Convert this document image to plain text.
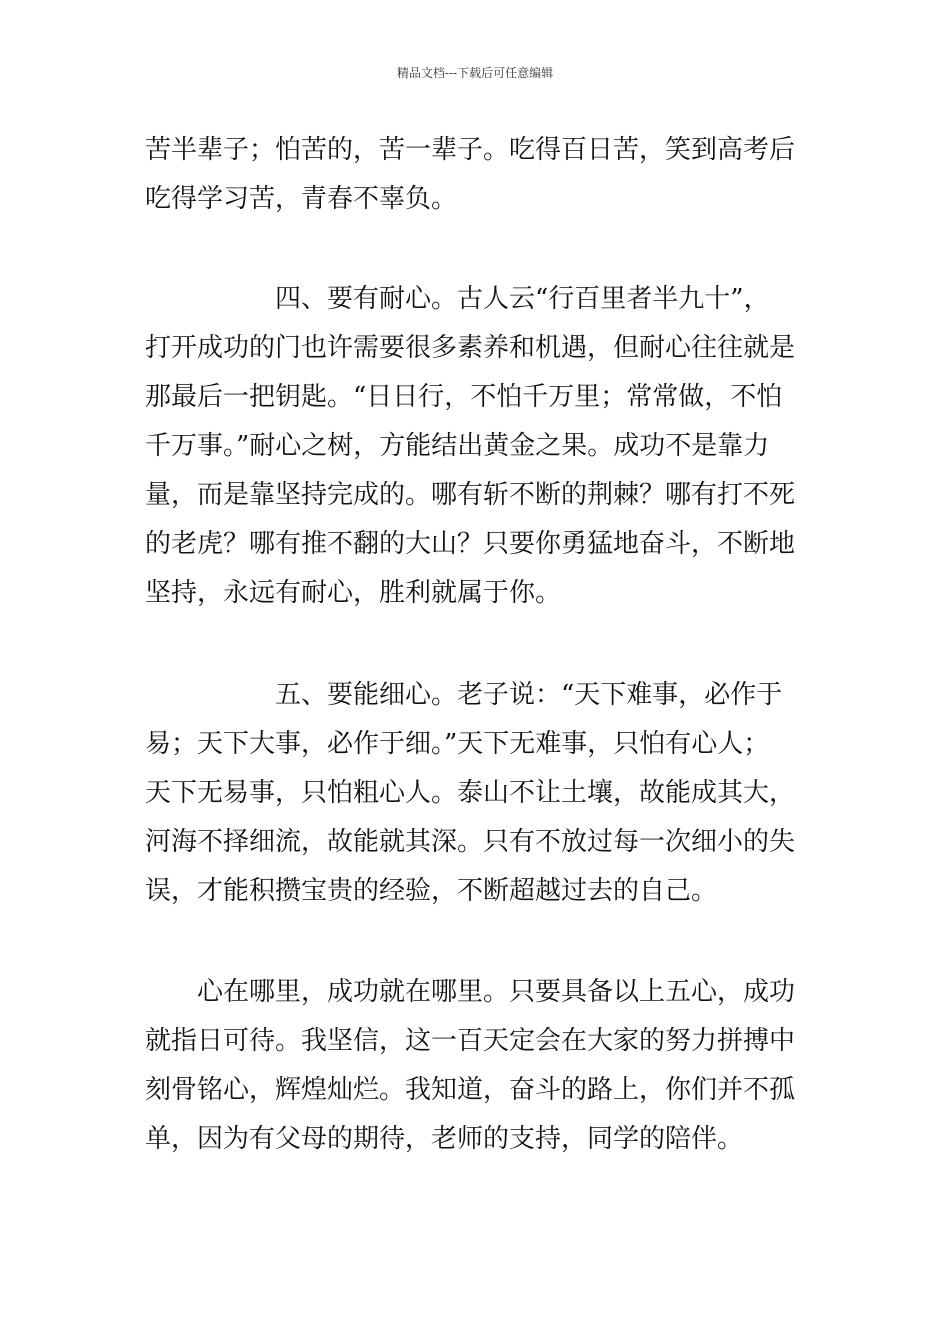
精品文档---下载后可任意编辑
苦半辈子；怕苦的，苦一辈子。吃得百日苦，笑到高考后
吃得学习苦，青春不辜负。
　　　　　四、要有耐心。古人云“行百里者半九十”，
打开成功的门也许需要很多素养和机遇，但耐心往往就是
那最后一把钥匙。“日日行，不怕千万里；常常做，不怕
千万事。”耐心之树，方能结出黄金之果。成功不是靠力
量，而是靠坚持完成的。哪有斩不断的荆棘？哪有打不死
的老虎？哪有推不翻的大山？只要你勇猛地奋斗，不断地
坚持，永远有耐心，胜利就属于你。
　　　　　五、要能细心。老子说：“天下难事，必作于
易；天下大事，必作于细。”天下无难事，只怕有心人；
天下无易事，只怕粗心人。泰山不让土壤，故能成其大，
河海不择细流，故能就其深。只有不放过每一次细小的失
误，才能积攒宝贵的经验，不断超越过去的自己。
　　心在哪里，成功就在哪里。只要具备以上五心，成功
就指日可待。我坚信，这一百天定会在大家的努力拼搏中
刻骨铭心，辉煌灿烂。我知道，奋斗的路上，你们并不孤
单，因为有父母的期待，老师的支持，同学的陪伴。
